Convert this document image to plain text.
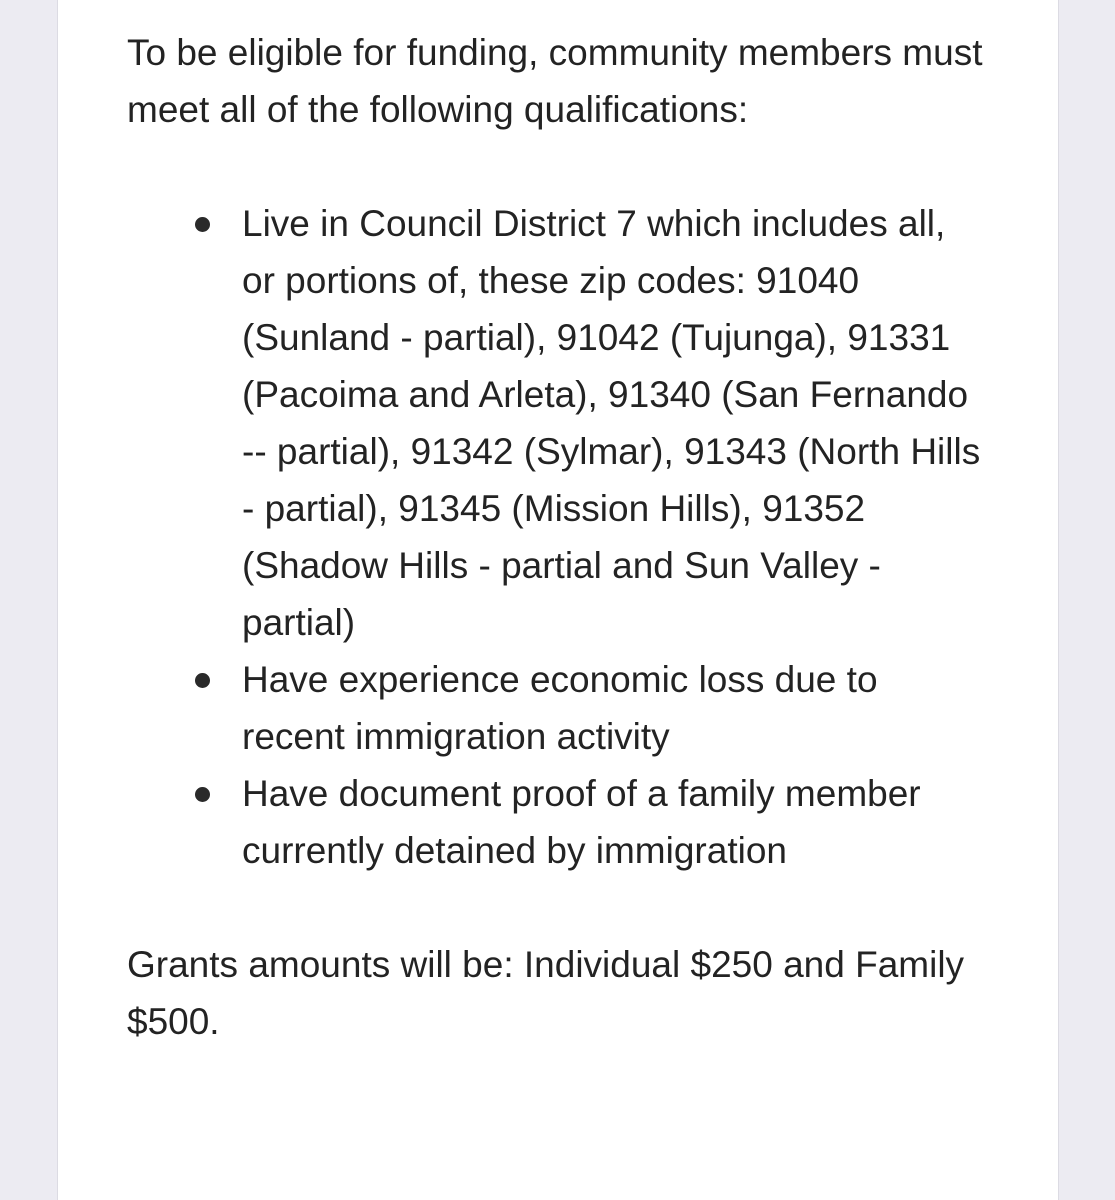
To be eligible for funding, community members must meet all of the following qualifications:

Live in Council District 7 which includes all, or portions of, these zip codes: 91040 (Sunland - partial), 91042 (Tujunga), 91331 (Pacoima and Arleta), 91340 (San Fernando -- partial), 91342 (Sylmar), 91343 (North Hills - partial), 91345 (Mission Hills), 91352 (Shadow Hills - partial and Sun Valley - partial)
Have experience economic loss due to recent immigration activity
Have document proof of a family member currently detained by immigration

Grants amounts will be: Individual $250 and Family $500.
